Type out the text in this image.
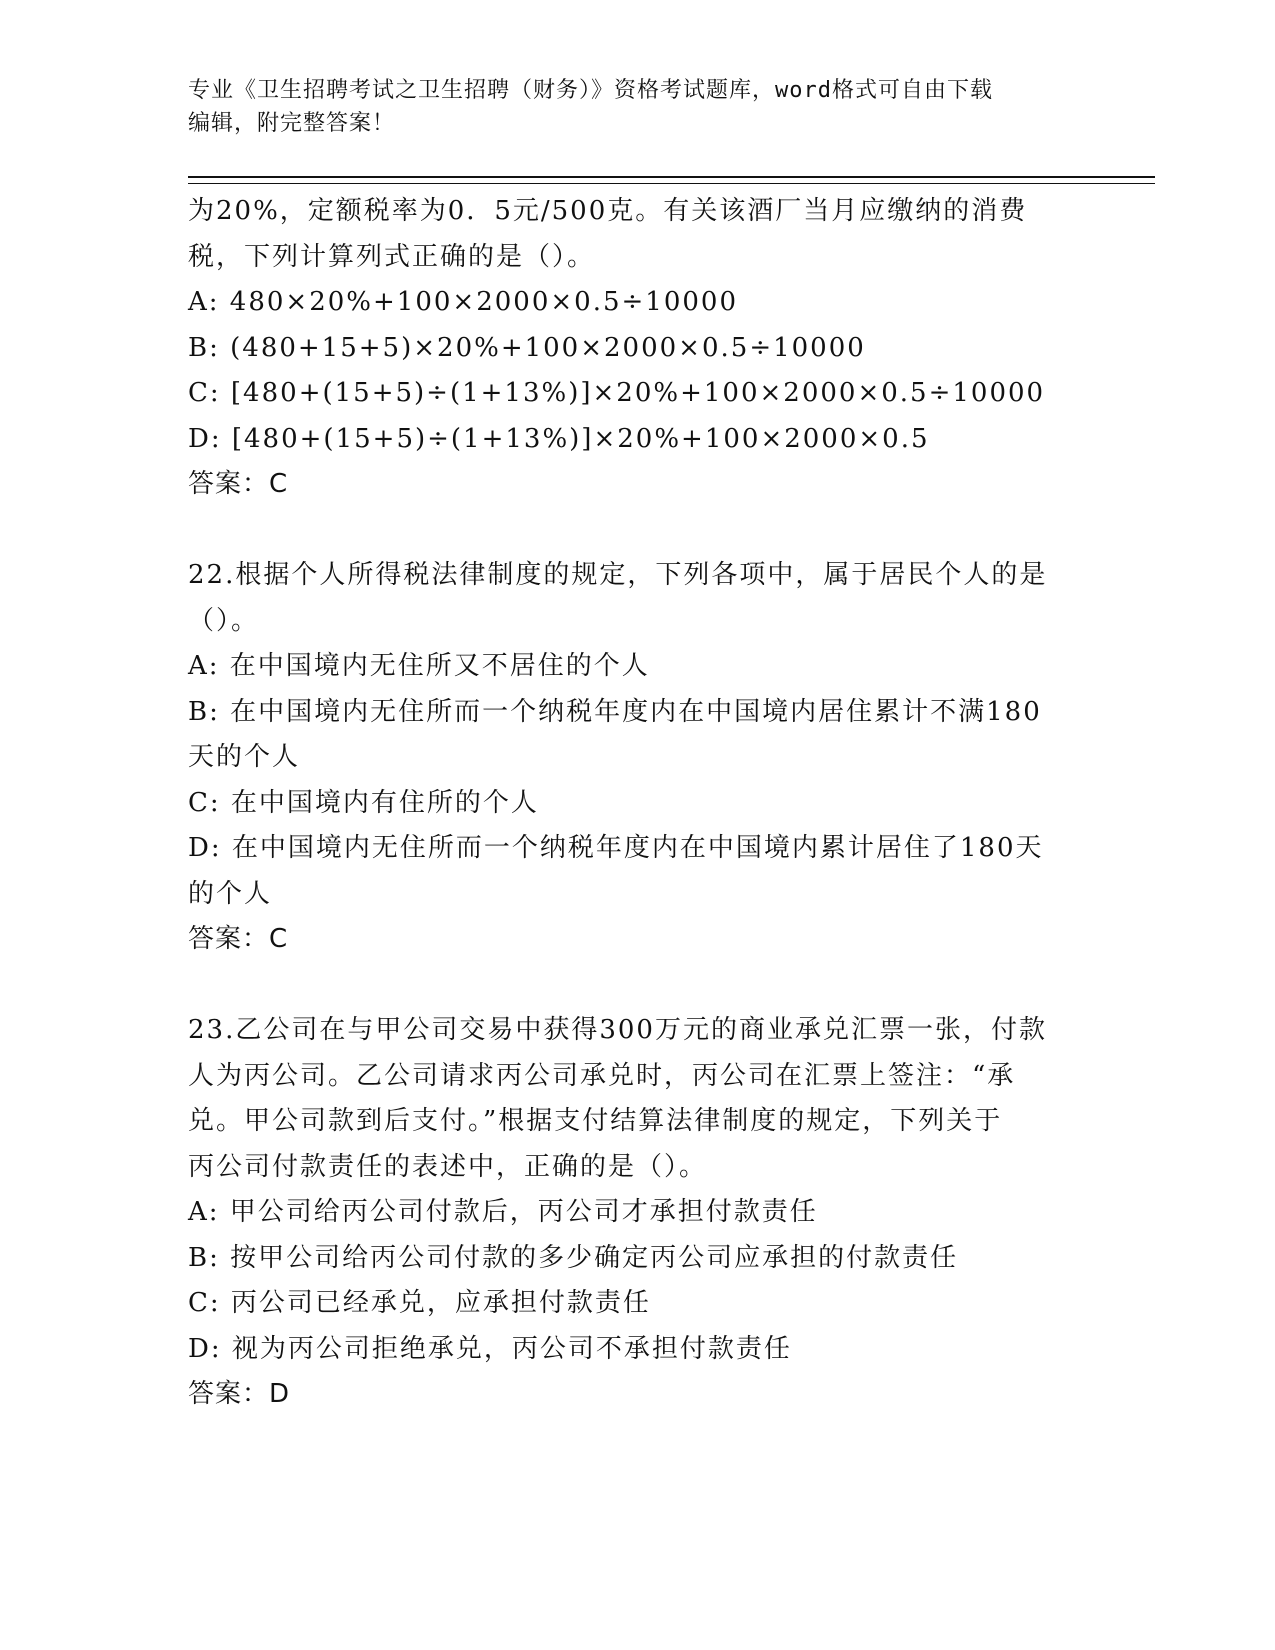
专业《卫生招聘考试之卫生招聘（财务）》资格考试题库，word格式可自由下载
编辑，附完整答案！
为20%，定额税率为0．5元/500克。有关该酒厂当月应缴纳的消费
税，下列计算列式正确的是（）。
A: 480×20%+100×2000×0.5÷10000
B: (480+15+5)×20%+100×2000×0.5÷10000
C: [480+(15+5)÷(1+13%)]×20%+100×2000×0.5÷10000
D: [480+(15+5)÷(1+13%)]×20%+100×2000×0.5
答案：C
22.根据个人所得税法律制度的规定，下列各项中，属于居民个人的是
（）。
A: 在中国境内无住所又不居住的个人
B: 在中国境内无住所而一个纳税年度内在中国境内居住累计不满180
天的个人
C: 在中国境内有住所的个人
D: 在中国境内无住所而一个纳税年度内在中国境内累计居住了180天
的个人
答案：C
23.乙公司在与甲公司交易中获得300万元的商业承兑汇票一张，付款
人为丙公司。乙公司请求丙公司承兑时，丙公司在汇票上签注：“承
兑。甲公司款到后支付。”根据支付结算法律制度的规定，下列关于
丙公司付款责任的表述中，正确的是（）。
A: 甲公司给丙公司付款后，丙公司才承担付款责任
B: 按甲公司给丙公司付款的多少确定丙公司应承担的付款责任
C: 丙公司已经承兑，应承担付款责任
D: 视为丙公司拒绝承兑，丙公司不承担付款责任
答案：D
